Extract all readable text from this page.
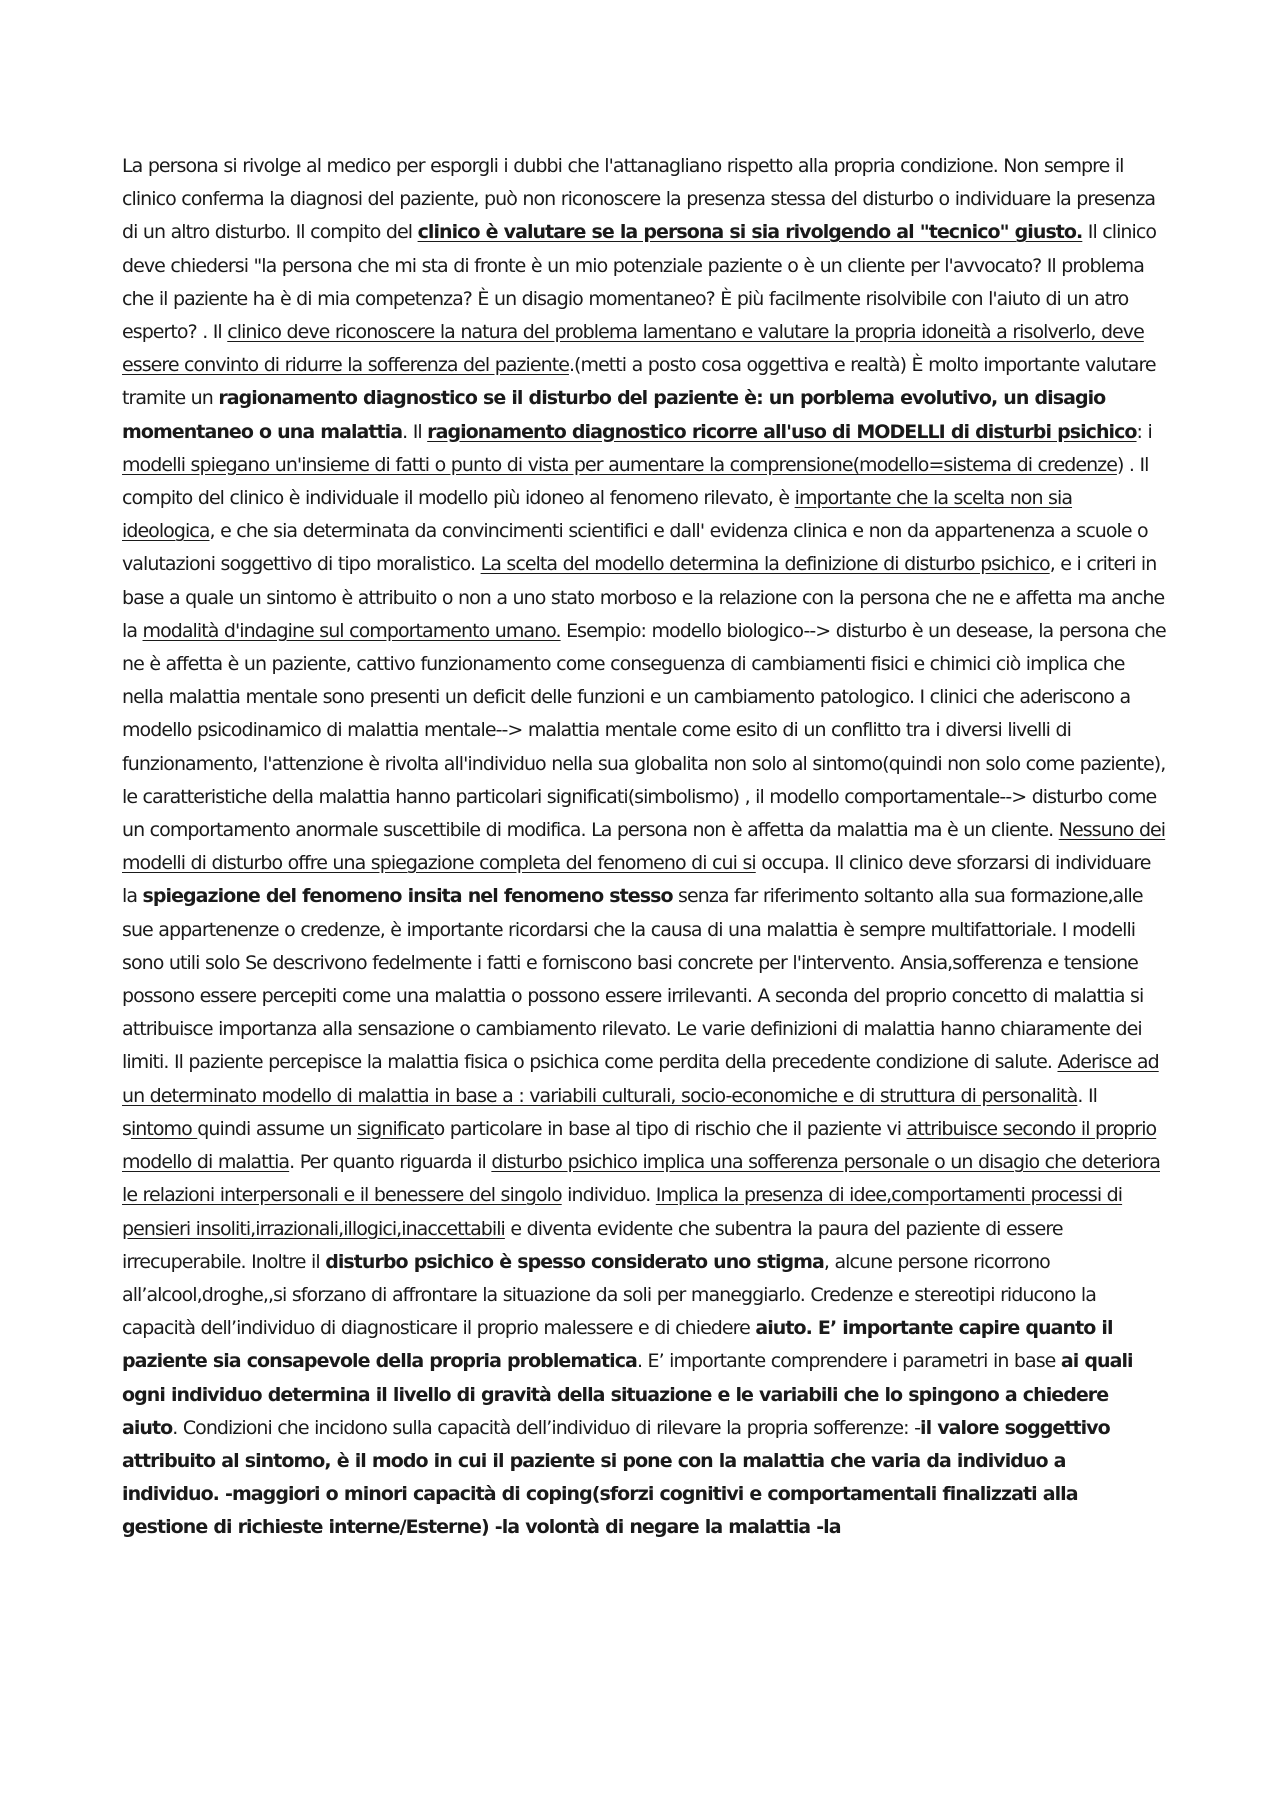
La persona si rivolge al medico per esporgli i dubbi che l'attanagliano rispetto alla propria condizione. Non sempre il clinico conferma la diagnosi del paziente, può non riconoscere la presenza stessa del disturbo o individuare la presenza di un altro disturbo. Il compito del clinico è valutare se la persona si sia rivolgendo al "tecnico" giusto. Il clinico deve chiedersi "la persona che mi sta di fronte è un mio potenziale paziente o è un cliente per l'avvocato? Il problema che il paziente ha è di mia competenza? È un disagio momentaneo? È più facilmente risolvibile con l'aiuto di un atro esperto? . Il clinico deve riconoscere la natura del problema lamentano e valutare la propria idoneità a risolverlo, deve essere convinto di ridurre la sofferenza del paziente.(metti a posto cosa oggettiva e realtà) È molto importante valutare tramite un ragionamento diagnostico se il disturbo del paziente è: un porblema evolutivo, un disagio momentaneo o una malattia. Il ragionamento diagnostico ricorre all'uso di MODELLI di disturbi psichico: i modelli spiegano un'insieme di fatti o punto di vista per aumentare la comprensione(modello=sistema di credenze) . Il compito del clinico è individuale il modello più idoneo al fenomeno rilevato, è importante che la scelta non sia ideologica, e che sia determinata da convincimenti scientifici e dall' evidenza clinica e non da appartenenza a scuole o valutazioni soggettivo di tipo moralistico. La scelta del modello determina la definizione di disturbo psichico, e i criteri in base a quale un sintomo è attribuito o non a uno stato morboso e la relazione con la persona che ne e affetta ma anche la modalità d'indagine sul comportamento umano. Esempio: modello biologico--> disturbo è un desease, la persona che ne è affetta è un paziente, cattivo funzionamento come conseguenza di cambiamenti fisici e chimici ciò implica che nella malattia mentale sono presenti un deficit delle funzioni e un cambiamento patologico. I clinici che aderiscono a modello psicodinamico di malattia mentale--> malattia mentale come esito di un conflitto tra i diversi livelli di funzionamento, l'attenzione è rivolta all'individuo nella sua globalita non solo al sintomo(quindi non solo come paziente), le caratteristiche della malattia hanno particolari significati(simbolismo) , il modello comportamentale--> disturbo come un comportamento anormale suscettibile di modifica. La persona non è affetta da malattia ma è un cliente. Nessuno dei modelli di disturbo offre una spiegazione completa del fenomeno di cui si occupa. Il clinico deve sforzarsi di individuare la spiegazione del fenomeno insita nel fenomeno stesso senza far riferimento soltanto alla sua formazione,alle sue appartenenze o credenze, è importante ricordarsi che la causa di una malattia è sempre multifattoriale. I modelli sono utili solo Se descrivono fedelmente i fatti e forniscono basi concrete per l'intervento. Ansia,sofferenza e tensione possono essere percepiti come una malattia o possono essere irrilevanti. A seconda del proprio concetto di malattia si attribuisce importanza alla sensazione o cambiamento rilevato. Le varie definizioni di malattia hanno chiaramente dei limiti. Il paziente percepisce la malattia fisica o psichica come perdita della precedente condizione di salute. Aderisce ad un determinato modello di malattia in base a : variabili culturali, socio-economiche e di struttura di personalità. Il sintomo quindi assume un significato particolare in base al tipo di rischio che il paziente vi attribuisce secondo il proprio modello di malattia. Per quanto riguarda il disturbo psichico implica una sofferenza personale o un disagio che deteriora le relazioni interpersonali e il benessere del singolo individuo. Implica la presenza di idee,comportamenti processi di pensieri insoliti,irrazionali,illogici,inaccettabili e diventa evidente che subentra la paura del paziente di essere irrecuperabile. Inoltre il disturbo psichico è spesso considerato uno stigma, alcune persone ricorrono all’alcool,droghe,,si sforzano di affrontare la situazione da soli per maneggiarlo. Credenze e stereotipi riducono la capacità dell’individuo di diagnosticare il proprio malessere e di chiedere aiuto. E’ importante capire quanto il paziente sia consapevole della propria problematica. E’ importante comprendere i parametri in base ai quali ogni individuo determina il livello di gravità della situazione e le variabili che lo spingono a chiedere aiuto. Condizioni che incidono sulla capacità dell’individuo di rilevare la propria sofferenze: -il valore soggettivo attribuito al sintomo, è il modo in cui il paziente si pone con la malattia che varia da individuo a individuo. -maggiori o minori capacità di coping(sforzi cognitivi e comportamentali finalizzati alla gestione di richieste interne/Esterne) -la volontà di negare la malattia -la
